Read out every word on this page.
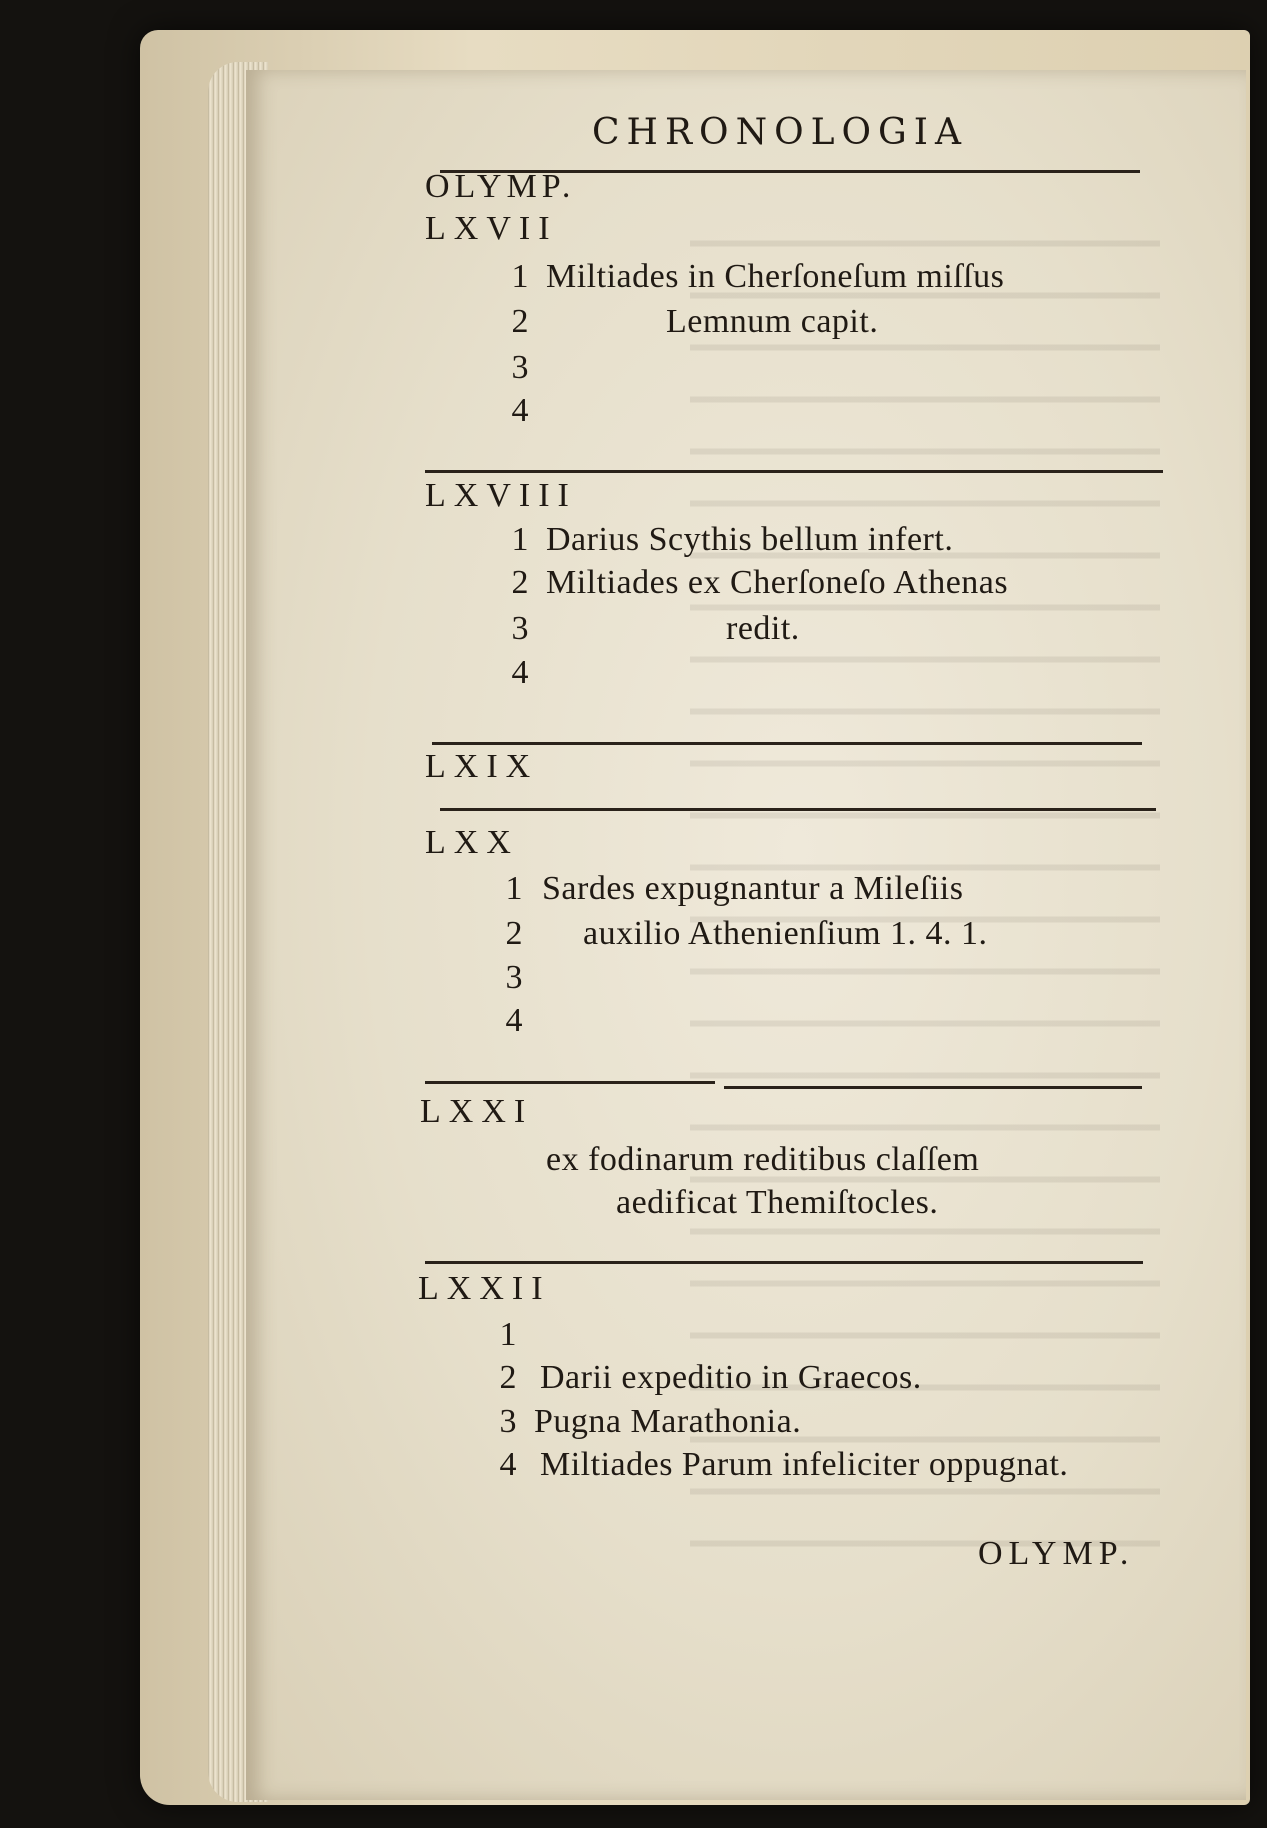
CHRONOLOGIA
OLYMP.
LXVII
1
2
3
4
Miltiades in Cherſoneſum miſſus
Lemnum capit.
LXVIII
1
2
3
4
Darius Scythis bellum infert.
Miltiades ex Cherſoneſo Athenas
redit.
LXIX
LXX
1
2
3
4
Sardes expugnantur a Mileſiis
auxilio Athenienſium 1. 4. 1.
LXXI
ex fodinarum reditibus claſſem
aedificat Themiſtocles.
LXXII
1
2
3
4
Darii expeditio in Graecos.
Pugna Marathonia.
Miltiades Parum infeliciter oppugnat.
OLYMP.
